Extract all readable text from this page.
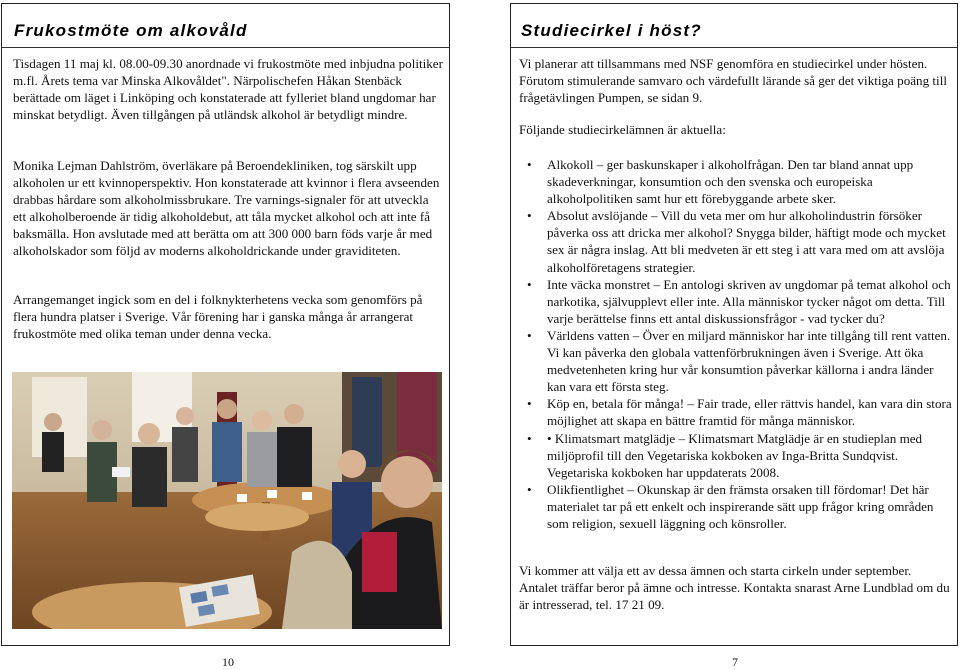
Frukostmöte om alkovåld

Tisdagen 11 maj kl. 08.00-09.30 anordnade vi frukostmöte med inbjudna politiker m.fl. Årets tema var Minska Alkovåldet". Närpolischefen Håkan Stenbäck berättade om läget i Linköping och konstaterade att fylleriet bland ungdomar har minskat betydligt. Även tillgången på utländsk alkohol är betydligt mindre.

Monika Lejman Dahlström, överläkare på Beroendekliniken, tog särskilt upp alkoholen ur ett kvinnoperspektiv. Hon konstaterade att kvinnor i flera avseenden drabbas hårdare som alkoholmissbrukare. Tre varnings-signaler för att utveckla ett alkoholberoende är tidig alkoholdebut, att tåla mycket alkohol och att inte få baksmälla. Hon avslutade med att berätta om att 300 000 barn föds varje år med alkoholskador som följd av moderns alkoholdrickande under graviditeten.

Arrangemanget ingick som en del i folknykterhetens vecka som genomförs på flera hundra platser i Sverige. Vår förening har i ganska många år arrangerat frukostmöte med olika teman under denna vecka.

10
Studiecirkel i höst?

Vi planerar att tillsammans med NSF genomföra en studiecirkel under hösten. Förutom stimulerande samvaro och värdefullt lärande så ger det viktiga poäng till frågetävlingen Pumpen, se sidan 9.

Följande studiecirkelämnen är aktuella:

• Alkokoll – ger baskunskaper i alkoholfrågan. Den tar bland annat upp skadeverkningar, konsumtion och den svenska och europeiska alkoholpolitiken samt hur ett förebyggande arbete sker.
• Absolut avslöjande – Vill du veta mer om hur alkoholindustrin försöker påverka oss att dricka mer alkohol? Snygga bilder, häftigt mode och mycket sex är några inslag. Att bli medveten är ett steg i att vara med om att avslöja alkoholföretagens strategier.
• Inte väcka monstret – En antologi skriven av ungdomar på temat alkohol och narkotika, självupplevt eller inte. Alla människor tycker något om detta. Till varje berättelse finns ett antal diskussionsfrågor - vad tycker du?
• Världens vatten – Över en miljard människor har inte tillgång till rent vatten. Vi kan påverka den globala vattenförbrukningen även i Sverige. Att öka medvetenheten kring hur vår konsumtion påverkar källorna i andra länder kan vara ett första steg.
• Köp en, betala för många! – Fair trade, eller rättvis handel, kan vara din stora möjlighet att skapa en bättre framtid för många människor.
• • Klimatsmart matglädje – Klimatsmart Matglädje är en studieplan med miljöprofil till den Vegetariska kokboken av Inga-Britta Sundqvist. Vegetariska kokboken har uppdaterats 2008.
• Olikfientlighet – Okunskap är den främsta orsaken till fördomar! Det här materialet tar på ett enkelt och inspirerande sätt upp frågor kring områden som religion, sexuell läggning och könsroller.

Vi kommer att välja ett av dessa ämnen och starta cirkeln under september. Antalet träffar beror på ämne och intresse. Kontakta snarast Arne Lundblad om du är intresserad, tel. 17 21 09.

7
